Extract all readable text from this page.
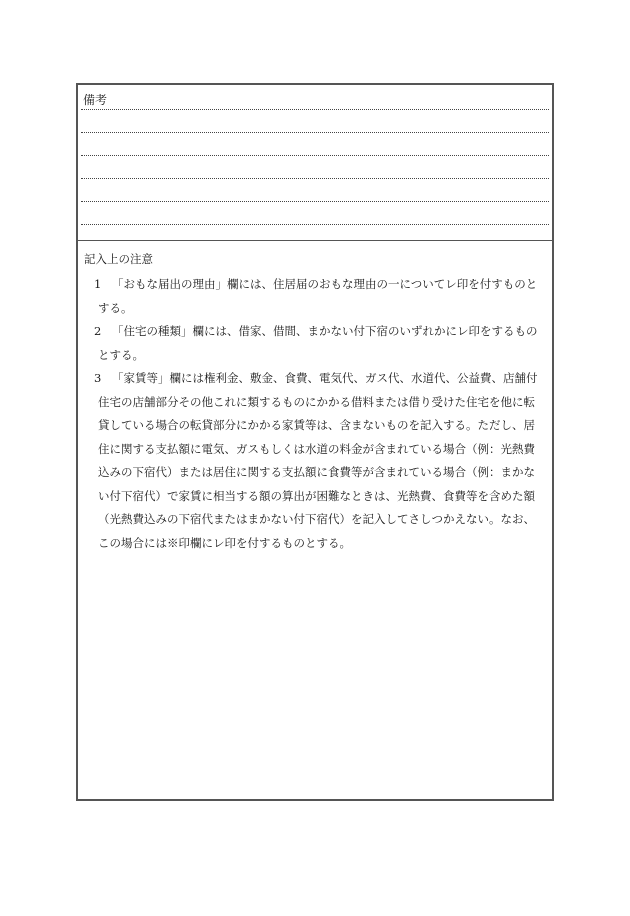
備考
記入上の注意
1 「おもな届出の理由」欄には、住居届のおもな理由の一についてレ印を付すものとする。
2 「住宅の種類」欄には、借家、借間、まかない付下宿のいずれかにレ印をするものとする。
3 「家賃等」欄には権利金、敷金、食費、電気代、ガス代、水道代、公益費、店舗付住宅の店舗部分その他これに類するものにかかる借料または借り受けた住宅を他に転貸している場合の転貸部分にかかる家賃等は、含まないものを記入する。ただし、居住に関する支払額に電気、ガスもしくは水道の料金が含まれている場合（例：光熱費込みの下宿代）または居住に関する支払額に食費等が含まれている場合（例：まかない付下宿代）で家賃に相当する額の算出が困難なときは、光熱費、食費等を含めた額（光熱費込みの下宿代またはまかない付下宿代）を記入してさしつかえない。なお、この場合には※印欄にレ印を付するものとする。
